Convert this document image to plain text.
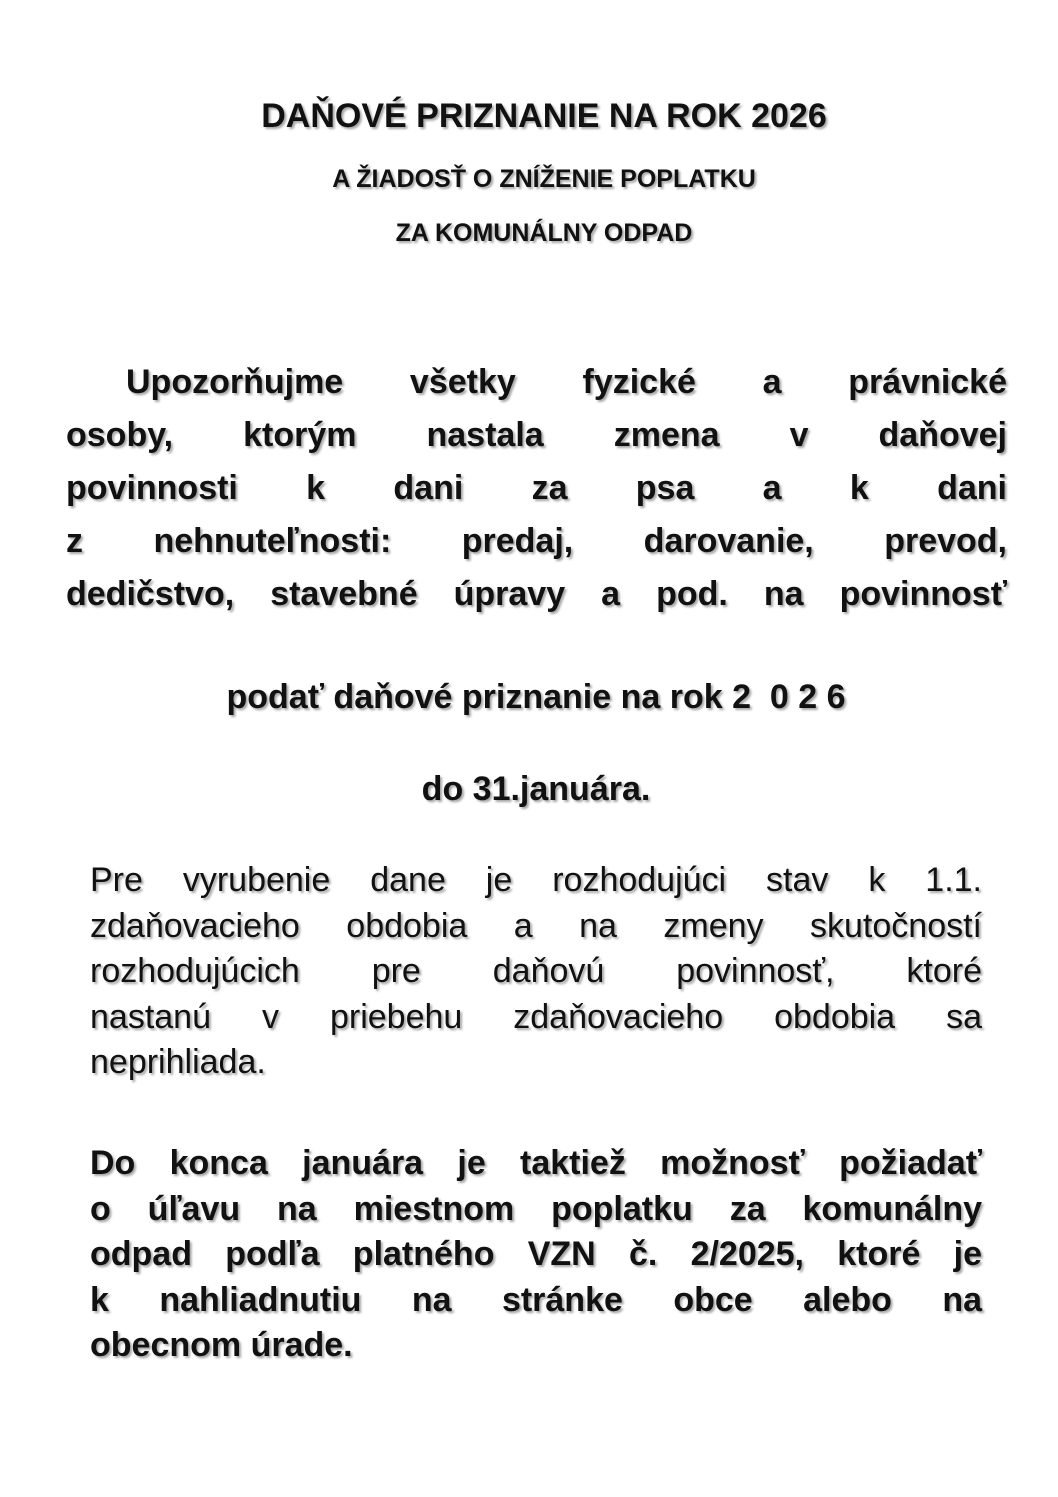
DAŇOVÉ PRIZNANIE NA ROK 2026
A ŽIADOSŤ O ZNÍŽENIE POPLATKU
ZA KOMUNÁLNY ODPAD
Upozorňujme všetky fyzické a právnické
osoby, ktorým nastala zmena v daňovej
povinnosti k dani za psa a k dani
z nehnuteľnosti: predaj, darovanie, prevod,
dedičstvo, stavebné úpravy a pod. na povinnosť

podať daňové priznanie na rok 2  0 2 6

do 31.januára.

Pre vyrubenie dane je rozhodujúci stav k 1.1.
zdaňovacieho obdobia a na zmeny skutočností
rozhodujúcich pre daňovú povinnosť, ktoré
nastanú v priebehu zdaňovacieho obdobia sa
neprihliada.
Do konca januára je taktiež možnosť požiadať
o úľavu na miestnom poplatku za komunálny
odpad podľa platného VZN č. 2/2025, ktoré je
k nahliadnutiu na stránke obce alebo na
obecnom úrade.
